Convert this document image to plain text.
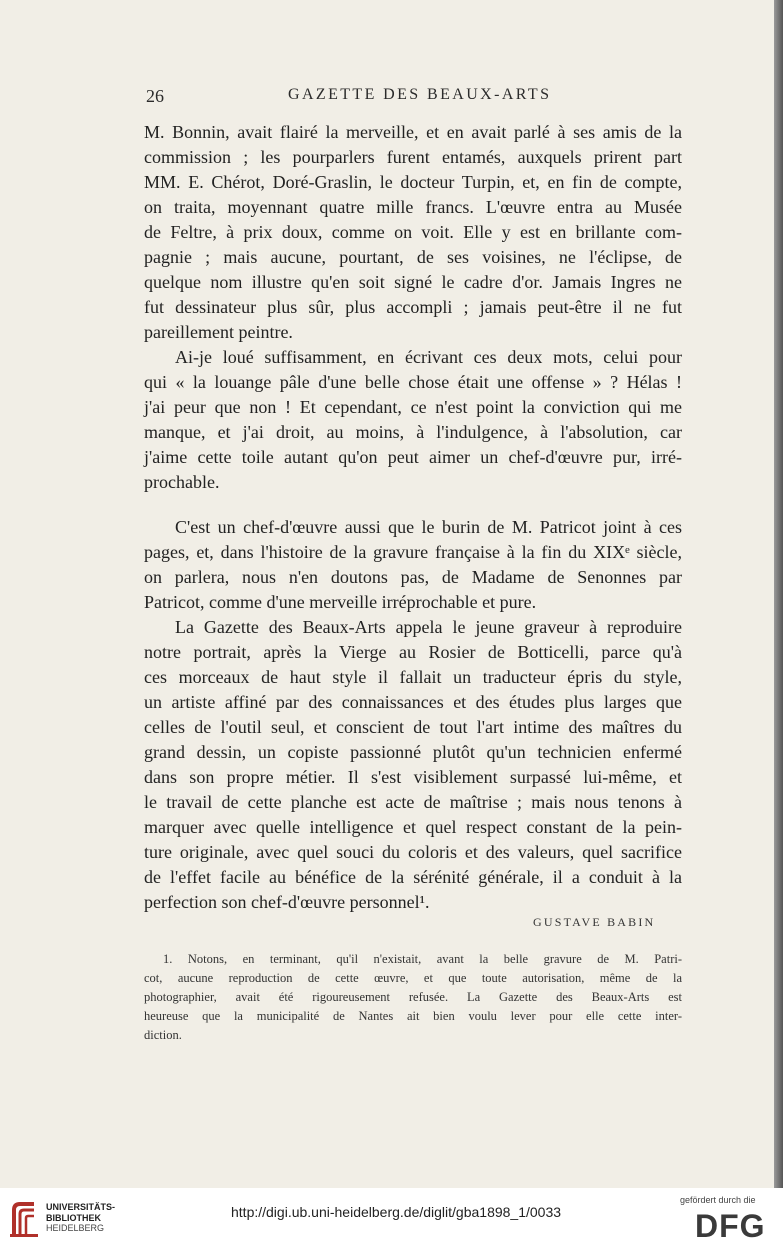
26	GAZETTE DES BEAUX-ARTS
M. Bonnin, avait flairé la merveille, et en avait parlé à ses amis de la
commission ; les pourparlers furent entamés, auxquels prirent part
MM. E. Chérot, Doré-Graslin, le docteur Turpin, et, en fin de compte,
on traita, moyennant quatre mille francs. L'œuvre entra au Musée
de Feltre, à prix doux, comme on voit. Elle y est en brillante com-
pagnie ; mais aucune, pourtant, de ses voisines, ne l'éclipse, de
quelque nom illustre qu'en soit signé le cadre d'or. Jamais Ingres ne
fut dessinateur plus sûr, plus accompli ; jamais peut-être il ne fut
pareillement peintre.
Ai-je loué suffisamment, en écrivant ces deux mots, celui pour
qui « la louange pâle d'une belle chose était une offense » ? Hélas !
j'ai peur que non ! Et cependant, ce n'est point la conviction qui me
manque, et j'ai droit, au moins, à l'indulgence, à l'absolution, car
j'aime cette toile autant qu'on peut aimer un chef-d'œuvre pur, irré-
prochable.
C'est un chef-d'œuvre aussi que le burin de M. Patricot joint à ces
pages, et, dans l'histoire de la gravure française à la fin du XIXᵉ siècle,
on parlera, nous n'en doutons pas, de Madame de Senonnes par
Patricot, comme d'une merveille irréprochable et pure.
La Gazette des Beaux-Arts appela le jeune graveur à reproduire
notre portrait, après la Vierge au Rosier de Botticelli, parce qu'à
ces morceaux de haut style il fallait un traducteur épris du style,
un artiste affiné par des connaissances et des études plus larges que
celles de l'outil seul, et conscient de tout l'art intime des maîtres du
grand dessin, un copiste passionné plutôt qu'un technicien enfermé
dans son propre métier. Il s'est visiblement surpassé lui-même, et
le travail de cette planche est acte de maîtrise ; mais nous tenons à
marquer avec quelle intelligence et quel respect constant de la pein-
ture originale, avec quel souci du coloris et des valeurs, quel sacrifice
de l'effet facile au bénéfice de la sérénité générale, il a conduit à la
perfection son chef-d'œuvre personnel¹.
GUSTAVE BABIN
1. Notons, en terminant, qu'il n'existait, avant la belle gravure de M. Patri-
cot, aucune reproduction de cette œuvre, et que toute autorisation, même de la
photographier, avait été rigoureusement refusée. La Gazette des Beaux-Arts est
heureuse que la municipalité de Nantes ait bien voulu lever pour elle cette inter-
diction.
UNIVERSITÄTS-
BIBLIOTHEK
HEIDELBERG
http://digi.ub.uni-heidelberg.de/diglit/gba1898_1/0033
gefördert durch die
DFG
